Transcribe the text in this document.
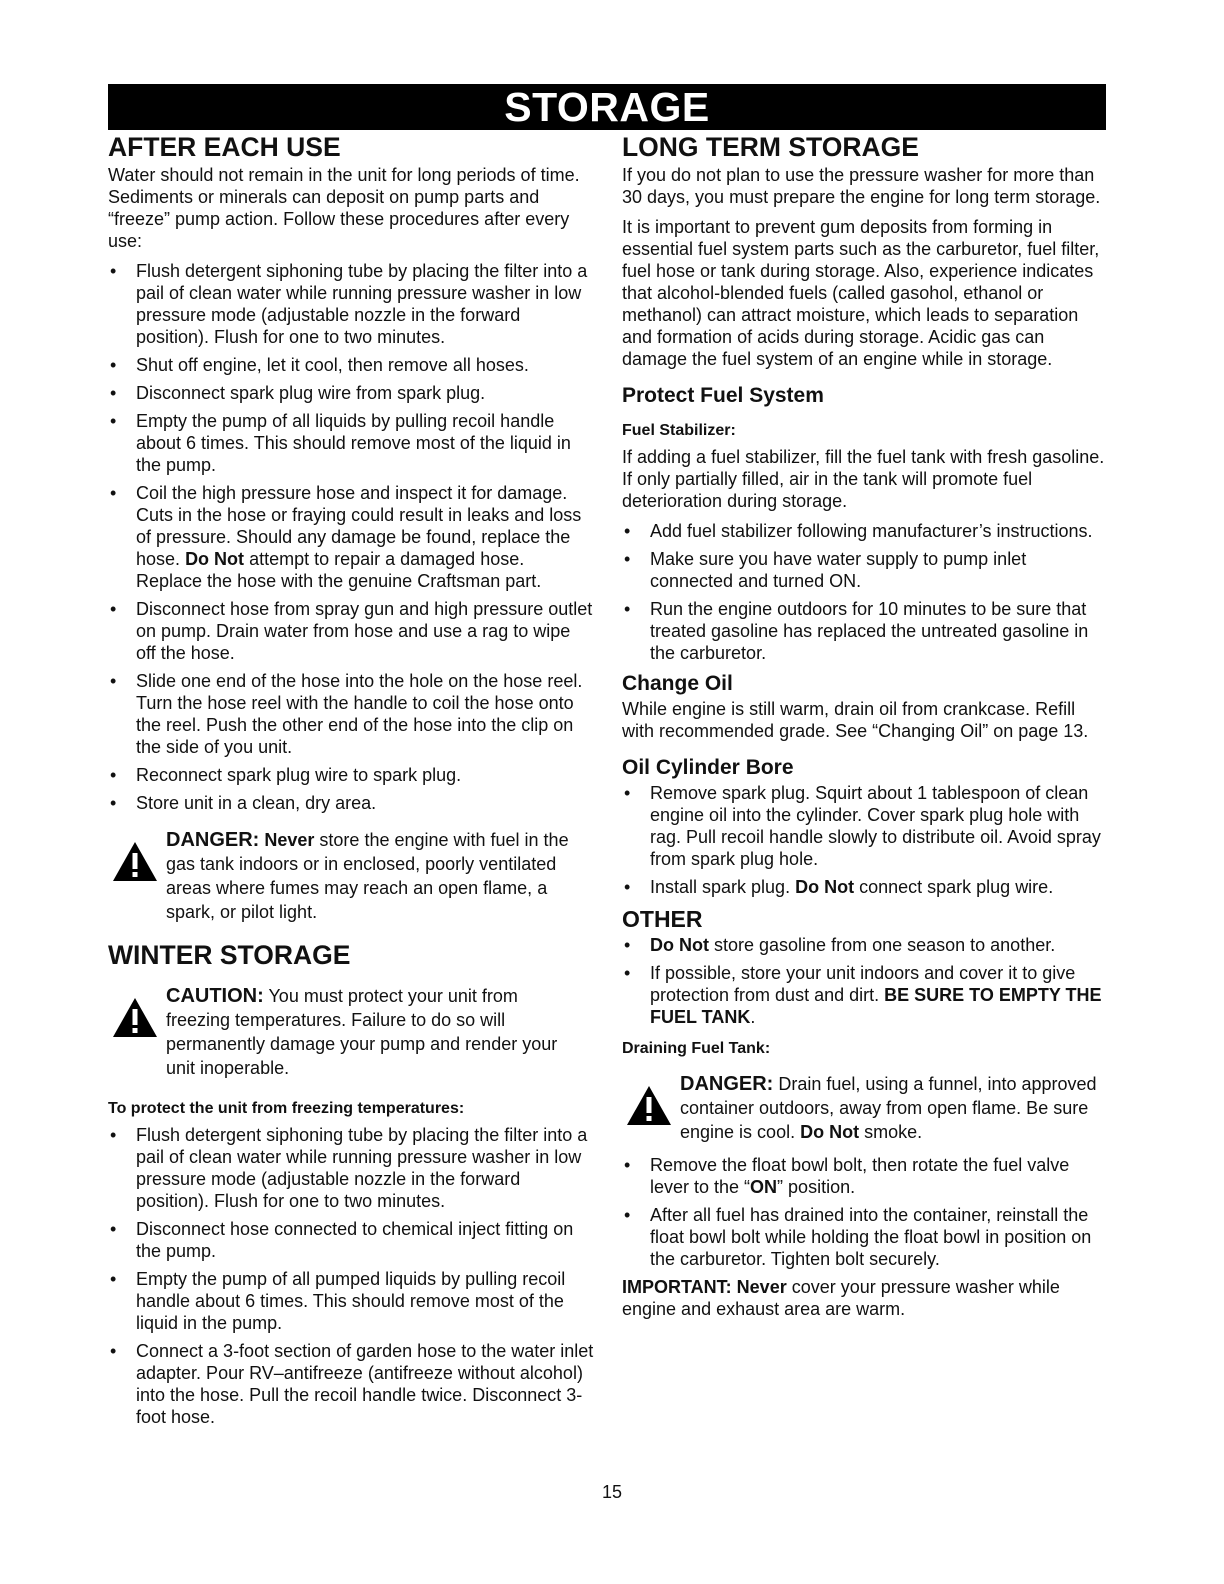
STORAGE
AFTER EACH USE

Water should not remain in the unit for long periods of time. Sediments or minerals can deposit on pump parts and “freeze” pump action. Follow these procedures after every use:

• Flush detergent siphoning tube by placing the filter into a pail of clean water while running pressure washer in low pressure mode (adjustable nozzle in the forward position). Flush for one to two minutes.
• Shut off engine, let it cool, then remove all hoses.
• Disconnect spark plug wire from spark plug.
• Empty the pump of all liquids by pulling recoil handle about 6 times. This should remove most of the liquid in the pump.
• Coil the high pressure hose and inspect it for damage. Cuts in the hose or fraying could result in leaks and loss of pressure. Should any damage be found, replace the hose. Do Not attempt to repair a damaged hose. Replace the hose with the genuine Craftsman part.
• Disconnect hose from spray gun and high pressure outlet on pump. Drain water from hose and use a rag to wipe off the hose.
• Slide one end of the hose into the hole on the hose reel. Turn the hose reel with the handle to coil the hose onto the reel. Push the other end of the hose into the clip on the side of you unit.
• Reconnect spark plug wire to spark plug.
• Store unit in a clean, dry area.
DANGER: Never store the engine with fuel in the gas tank indoors or in enclosed, poorly ventilated areas where fumes may reach an open flame, a spark, or pilot light.
WINTER STORAGE
CAUTION: You must protect your unit from freezing temperatures. Failure to do so will permanently damage your pump and render your unit inoperable.
To protect the unit from freezing temperatures:
• Flush detergent siphoning tube by placing the filter into a pail of clean water while running pressure washer in low pressure mode (adjustable nozzle in the forward position). Flush for one to two minutes.
• Disconnect hose connected to chemical inject fitting on the pump.
• Empty the pump of all pumped liquids by pulling recoil handle about 6 times. This should remove most of the liquid in the pump.
• Connect a 3-foot section of garden hose to the water inlet adapter. Pour RV–antifreeze (antifreeze without alcohol) into the hose. Pull the recoil handle twice. Disconnect 3-foot hose.
LONG TERM STORAGE

If you do not plan to use the pressure washer for more than 30 days, you must prepare the engine for long term storage.

It is important to prevent gum deposits from forming in essential fuel system parts such as the carburetor, fuel filter, fuel hose or tank during storage. Also, experience indicates that alcohol-blended fuels (called gasohol, ethanol or methanol) can attract moisture, which leads to separation and formation of acids during storage. Acidic gas can damage the fuel system of an engine while in storage.

Protect Fuel System
Fuel Stabilizer:

If adding a fuel stabilizer, fill the fuel tank with fresh gasoline. If only partially filled, air in the tank will promote fuel deterioration during storage.

• Add fuel stabilizer following manufacturer’s instructions.
• Make sure you have water supply to pump inlet connected and turned ON.
• Run the engine outdoors for 10 minutes to be sure that treated gasoline has replaced the untreated gasoline in the carburetor.
Change Oil

While engine is still warm, drain oil from crankcase. Refill with recommended grade. See “Changing Oil” on page 13.

Oil Cylinder Bore
• Remove spark plug. Squirt about 1 tablespoon of clean engine oil into the cylinder. Cover spark plug hole with rag. Pull recoil handle slowly to distribute oil. Avoid spray from spark plug hole.
• Install spark plug. Do Not connect spark plug wire.
OTHER
• Do Not store gasoline from one season to another.
• If possible, store your unit indoors and cover it to give protection from dust and dirt. BE SURE TO EMPTY THE FUEL TANK.
Draining Fuel Tank:
DANGER: Drain fuel, using a funnel, into approved container outdoors, away from open flame. Be sure engine is cool. Do Not smoke.
• Remove the float bowl bolt, then rotate the fuel valve lever to the “ON” position.
• After all fuel has drained into the container, reinstall the float bowl bolt while holding the float bowl in position on the carburetor. Tighten bolt securely.

IMPORTANT: Never cover your pressure washer while engine and exhaust area are warm.

15
